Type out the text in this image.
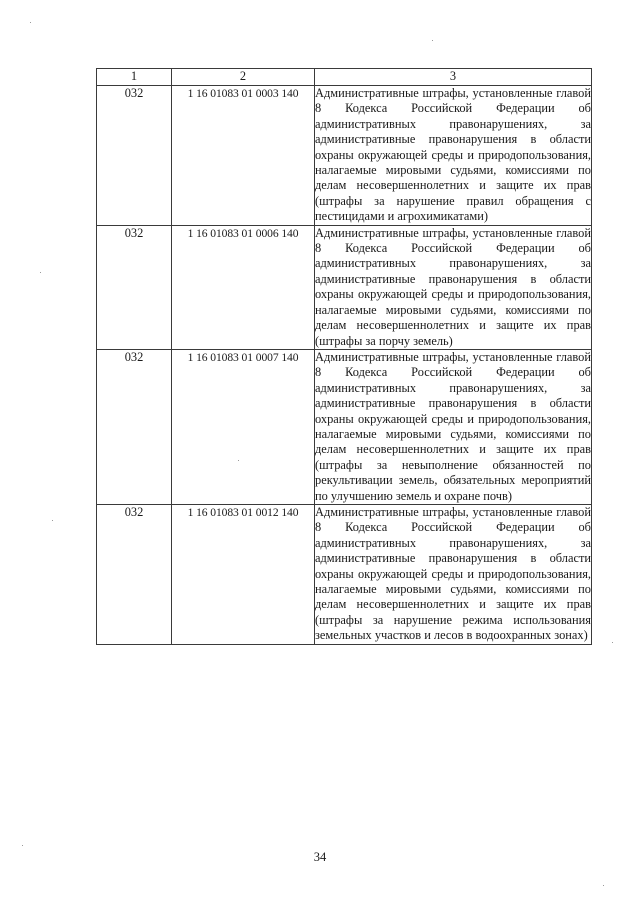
1	2	3
032	1 16 01083 01 0003 140	Административные штрафы, установленные главой 8 Кодекса Российской Федерации об административных правонарушениях, за административные правонарушения в области охраны окружающей среды и природопользования, налагаемые мировыми судьями, комиссиями по делам несовершеннолетних и защите их прав (штрафы за нарушение правил обращения с пестицидами и агрохимикатами)

032	1 16 01083 01 0006 140	Административные штрафы, установленные главой 8 Кодекса Российской Федерации об административных правонарушениях, за административные правонарушения в области охраны окружающей среды и природопользования, налагаемые мировыми судьями, комиссиями по делам несовершеннолетних и защите их прав (штрафы за порчу земель)

032	1 16 01083 01 0007 140	Административные штрафы, установленные главой 8 Кодекса Российской Федерации об административных правонарушениях, за административные правонарушения в области охраны окружающей среды и природопользования, налагаемые мировыми судьями, комиссиями по делам несовершеннолетних и защите их прав (штрафы за невыполнение обязанностей по рекультивации земель, обязательных мероприятий по улучшению земель и охране почв)

032	1 16 01083 01 0012 140	Административные штрафы, установленные главой 8 Кодекса Российской Федерации об административных правонарушениях, за административные правонарушения в области охраны окружающей среды и природопользования, налагаемые мировыми судьями, комиссиями по делам несовершеннолетних и защите их прав (штрафы за нарушение режима использования земельных участков и лесов в водоохранных зонах)
34
